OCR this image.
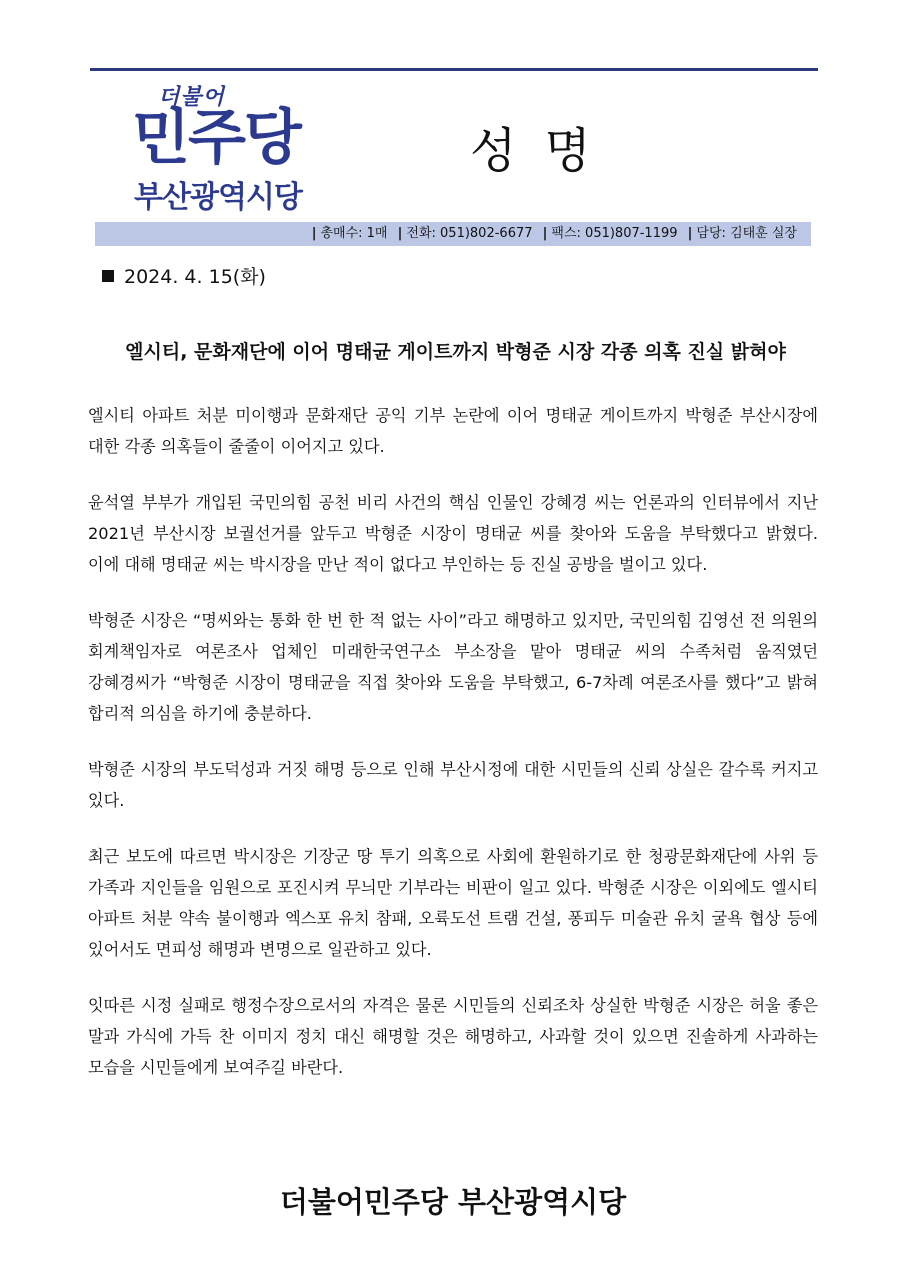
더불어
민주당
부산광역시당
성명
| 총매수: 1매 | 전화: 051)802-6677 | 팩스: 051)807-1199 | 담당: 김태훈 실장
2024. 4. 15(화)
엘시티, 문화재단에 이어 명태균 게이트까지 박형준 시장 각종 의혹 진실 밝혀야

엘시티 아파트 처분 미이행과 문화재단 공익 기부 논란에 이어 명태균 게이트까지 박형준 부산시장에 대한 각종 의혹들이 줄줄이 이어지고 있다.

윤석열 부부가 개입된 국민의힘 공천 비리 사건의 핵심 인물인 강혜경 씨는 언론과의 인터뷰에서 지난 2021년 부산시장 보궐선거를 앞두고 박형준 시장이 명태균 씨를 찾아와 도움을 부탁했다고 밝혔다. 이에 대해 명태균 씨는 박시장을 만난 적이 없다고 부인하는 등 진실 공방을 벌이고 있다.

박형준 시장은 “명씨와는 통화 한 번 한 적 없는 사이”라고 해명하고 있지만, 국민의힘 김영선 전 의원의 회계책임자로 여론조사 업체인 미래한국연구소 부소장을 맡아 명태균 씨의 수족처럼 움직였던 강혜경씨가 “박형준 시장이 명태균을 직접 찾아와 도움을 부탁했고, 6-7차례 여론조사를 했다”고 밝혀 합리적 의심을 하기에 충분하다.

박형준 시장의 부도덕성과 거짓 해명 등으로 인해 부산시정에 대한 시민들의 신뢰 상실은 갈수록 커지고 있다.

최근 보도에 따르면 박시장은 기장군 땅 투기 의혹으로 사회에 환원하기로 한 청광문화재단에 사위 등 가족과 지인들을 임원으로 포진시켜 무늬만 기부라는 비판이 일고 있다. 박형준 시장은 이외에도 엘시티 아파트 처분 약속 불이행과 엑스포 유치 참패, 오륙도선 트램 건설, 퐁피두 미술관 유치 굴욕 협상 등에 있어서도 면피성 해명과 변명으로 일관하고 있다.

잇따른 시정 실패로 행정수장으로서의 자격은 물론 시민들의 신뢰조차 상실한 박형준 시장은 허울 좋은 말과 가식에 가득 찬 이미지 정치 대신 해명할 것은 해명하고, 사과할 것이 있으면 진솔하게 사과하는 모습을 시민들에게 보여주길 바란다.

더불어민주당 부산광역시당
